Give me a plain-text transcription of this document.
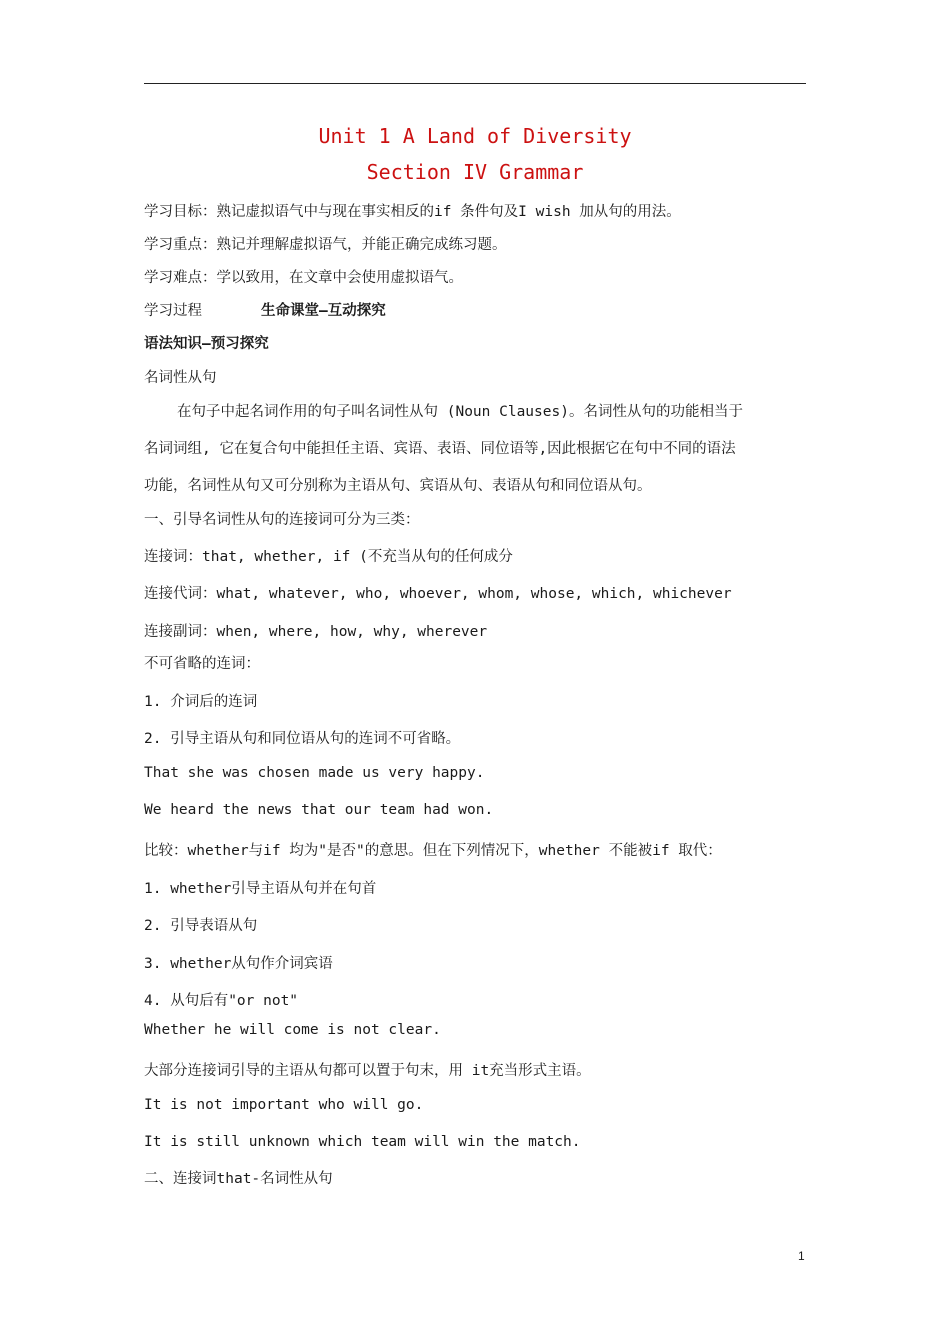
Unit 1 A Land of Diversity
Section IV Grammar
学习目标：熟记虚拟语气中与现在事实相反的if 条件句及I wish 加从句的用法。
学习重点：熟记并理解虚拟语气，并能正确完成练习题。
学习难点：学以致用，在文章中会使用虚拟语气。
学习过程	生命课堂—互动探究
语法知识—预习探究
名词性从句
在句子中起名词作用的句子叫名词性从句 (Noun Clauses)。名词性从句的功能相当于
名词词组, 它在复合句中能担任主语、宾语、表语、同位语等,因此根据它在句中不同的语法
功能，名词性从句又可分别称为主语从句、宾语从句、表语从句和同位语从句。
一、引导名词性从句的连接词可分为三类：
连接词：that, whether, if (不充当从句的任何成分
连接代词：what, whatever, who, whoever, whom, whose, which, whichever
连接副词：when, where, how, why, wherever
不可省略的连词：
1. 介词后的连词
2. 引导主语从句和同位语从句的连词不可省略。
That she was chosen made us very happy.
We heard the news that our team had won.
比较：whether与if 均为"是否"的意思。但在下列情况下，whether 不能被if 取代：
1. whether引导主语从句并在句首
2. 引导表语从句
3. whether从句作介词宾语
4. 从句后有"or not"
Whether he will come is not clear.
大部分连接词引导的主语从句都可以置于句末，用 it充当形式主语。
It is not important who will go.
It is still unknown which team will win the match.
二、连接词that-名词性从句
1
